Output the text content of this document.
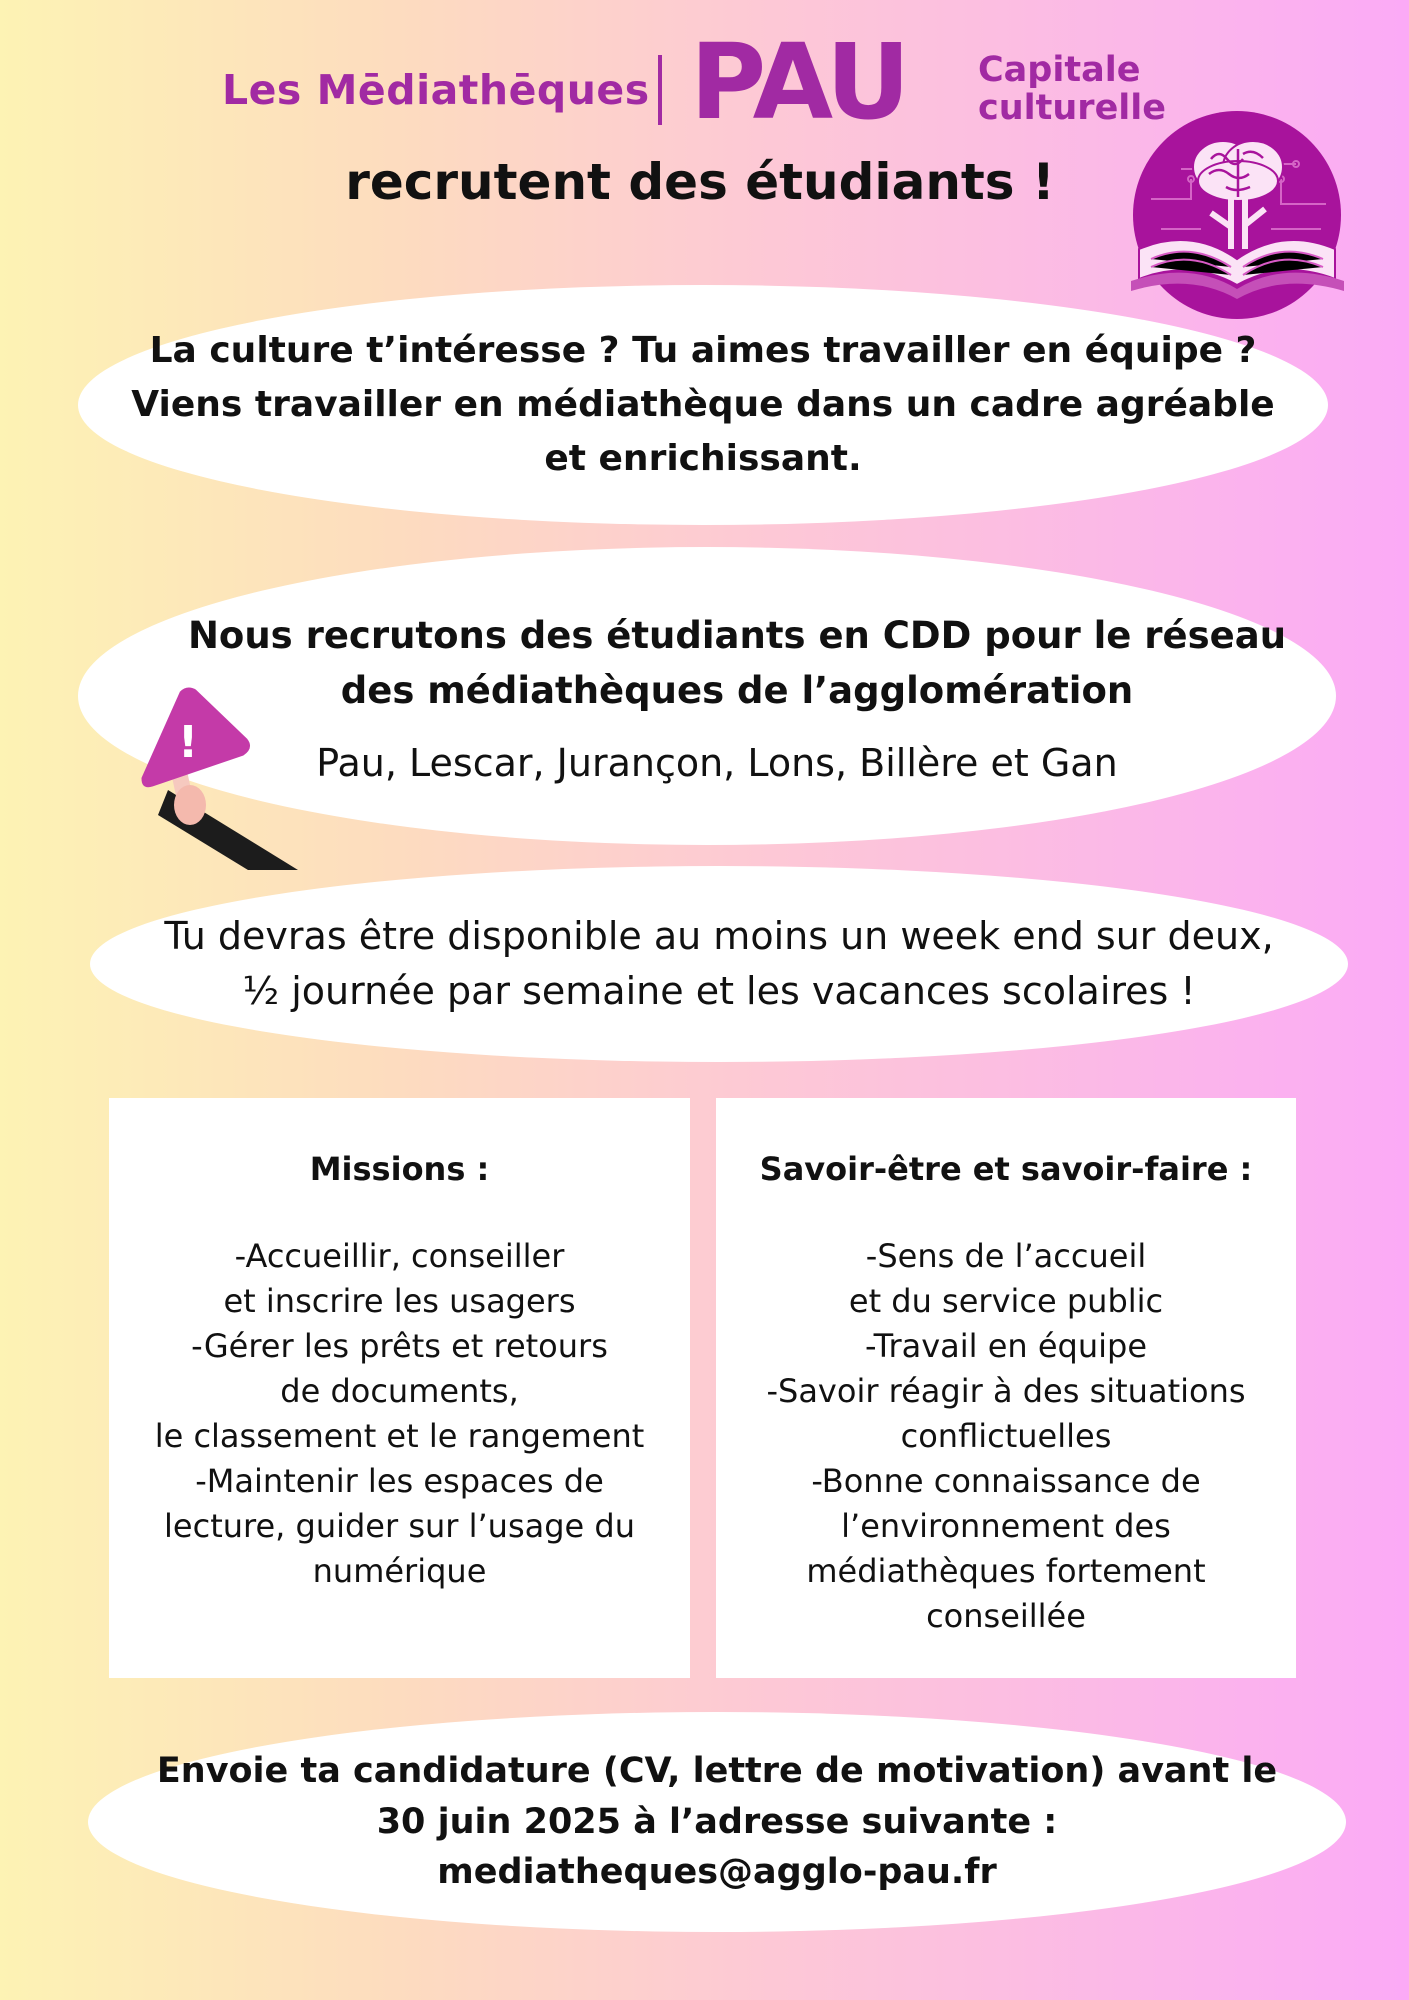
Les Mēdiathēques PAU Capitale
culturelle
recrutent des étudiants !
La culture t’intéresse ? Tu aimes travailler en équipe ?
Viens travailler en médiathèque dans un cadre agréable
et enrichissant.
Nous recrutons des étudiants en CDD pour le réseau
des médiathèques de l’agglomération
Pau, Lescar, Jurançon, Lons, Billère et Gan
!
Tu devras être disponible au moins un week end sur deux,
½ journée par semaine et les vacances scolaires !
Missions :
-Accueillir, conseiller
et inscrire les usagers
-Gérer les prêts et retours
de documents,
le classement et le rangement
-Maintenir les espaces de
lecture, guider sur l’usage du
numérique
Savoir-être et savoir-faire :
-Sens de l’accueil
et du service public
-Travail en équipe
-Savoir réagir à des situations
conflictuelles
-Bonne connaissance de
l’environnement des
médiathèques fortement
conseillée
Envoie ta candidature (CV, lettre de motivation) avant le
30 juin 2025 à l’adresse suivante :
mediatheques@agglo-pau.fr
